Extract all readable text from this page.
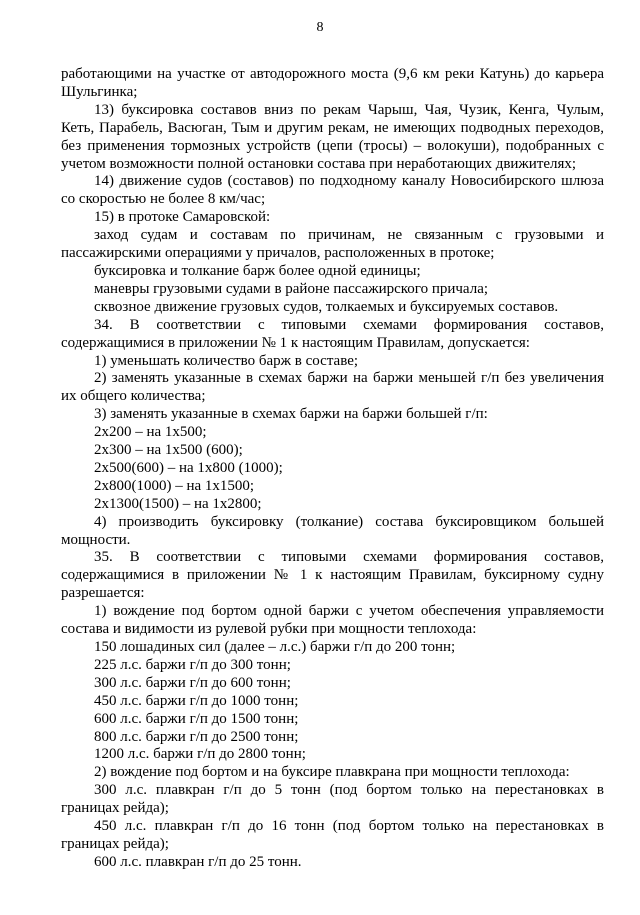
8

работающими на участке от автодорожного моста (9,6 км реки Катунь) до карьера Шульгинка;

13) буксировка составов вниз по рекам Чарыш, Чая, Чузик, Кенга, Чулым, Кеть, Парабель, Васюган, Тым и другим рекам, не имеющих подводных переходов, без применения тормозных устройств (цепи (тросы) – волокуши), подобранных с учетом возможности полной остановки состава при неработающих движителях;

14) движение судов (составов) по подходному каналу Новосибирского шлюза со скоростью не более 8 км/час;

15) в протоке Самаровской:

заход судам и составам по причинам, не связанным с грузовыми и пассажирскими операциями у причалов, расположенных в протоке;

буксировка и толкание барж более одной единицы;

маневры грузовыми судами в районе пассажирского причала;

сквозное движение грузовых судов, толкаемых и буксируемых составов.

34. В соответствии с типовыми схемами формирования составов, содержащимися в приложении № 1 к настоящим Правилам, допускается:

1) уменьшать количество барж в составе;

2) заменять указанные в схемах баржи на баржи меньшей г/п без увеличения их общего количества;

3) заменять указанные в схемах баржи на баржи большей г/п:

2x200 – на 1x500;

2x300 – на 1x500 (600);

2x500(600) – на 1x800 (1000);

2x800(1000) – на 1x1500;

2x1300(1500) – на 1x2800;

4) производить буксировку (толкание) состава буксировщиком большей мощности.

35. В соответствии с типовыми схемами формирования составов, содержащимися в приложении № 1 к настоящим Правилам, буксирному судну разрешается:

1) вождение под бортом одной баржи с учетом обеспечения управляемости состава и видимости из рулевой рубки при мощности теплохода:

150 лошадиных сил (далее – л.с.) баржи г/п до 200 тонн;

225 л.с. баржи г/п до 300 тонн;

300 л.с. баржи г/п до 600 тонн;

450 л.с. баржи г/п до 1000 тонн;

600 л.с. баржи г/п до 1500 тонн;

800 л.с. баржи г/п до 2500 тонн;

1200 л.с. баржи г/п до 2800 тонн;

2) вождение под бортом и на буксире плавкрана при мощности теплохода:

300 л.с. плавкран г/п до 5 тонн (под бортом только на перестановках в границах рейда);

450 л.с. плавкран г/п до 16 тонн (под бортом только на перестановках в границах рейда);

600 л.с. плавкран г/п до 25 тонн.
